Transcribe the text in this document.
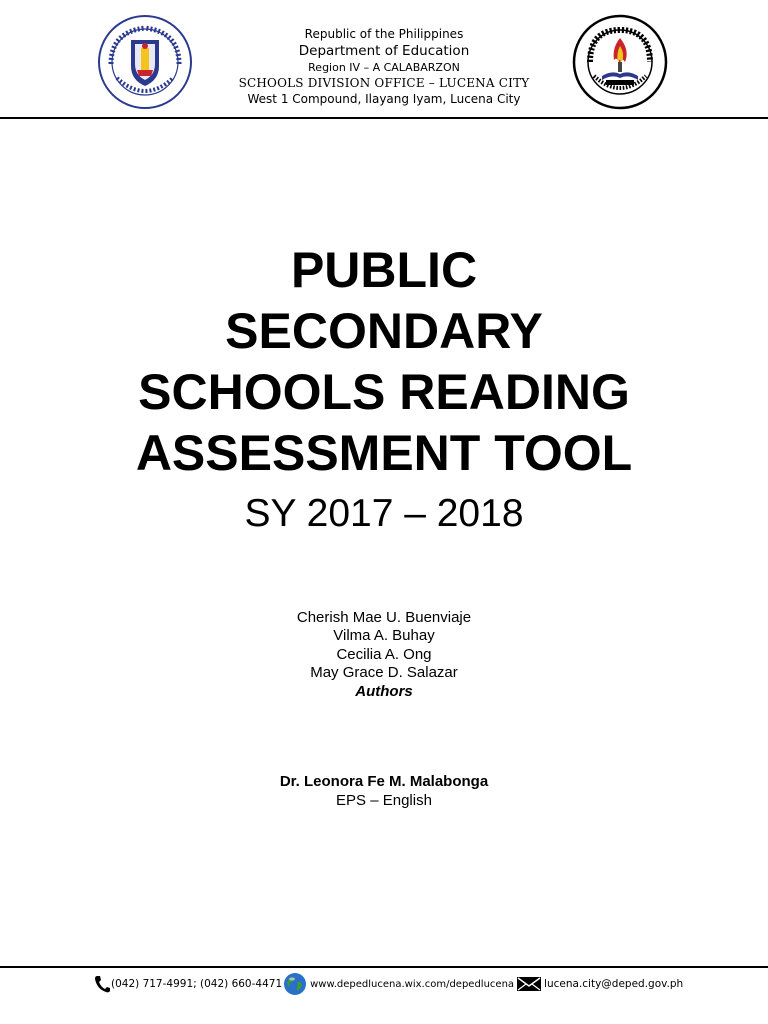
Republic of the Philippines
Department of Education
Region IV – A CALABARZON
SCHOOLS DIVISION OFFICE – LUCENA CITY
West 1 Compound, Ilayang Iyam, Lucena City
PUBLIC
SECONDARY
SCHOOLS READING
ASSESSMENT TOOL
SY 2017 – 2018
Cherish Mae U. Buenviaje
Vilma A. Buhay
Cecilia A. Ong
May Grace D. Salazar
Authors
Dr. Leonora Fe M. Malabonga
EPS – English
(042) 717-4991; (042) 660-4471	www.depedlucena.wix.com/depedlucena	lucena.city@deped.gov.ph
